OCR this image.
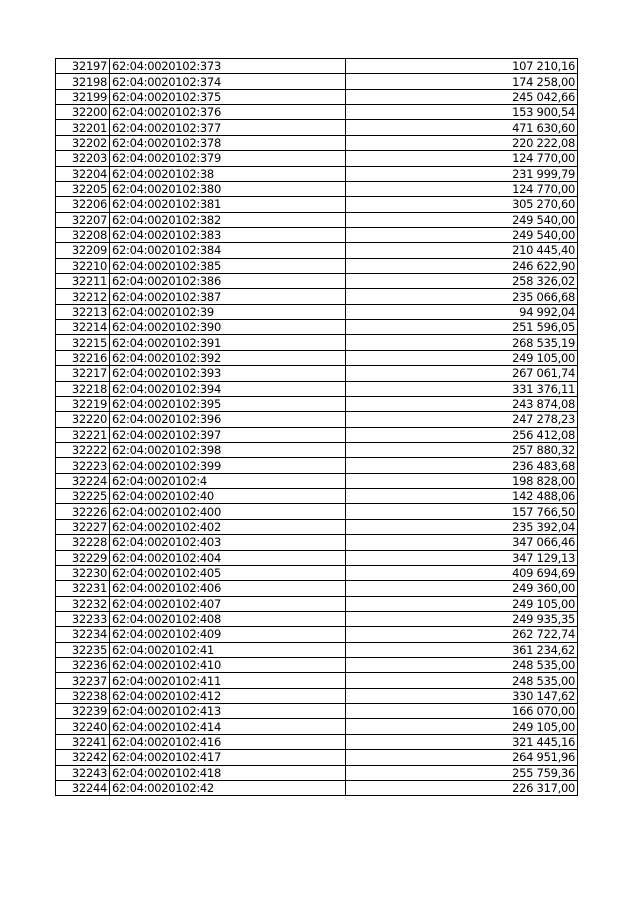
32197	62:04:0020102:373	107 210,16
32198	62:04:0020102:374	174 258,00
32199	62:04:0020102:375	245 042,66
32200	62:04:0020102:376	153 900,54
32201	62:04:0020102:377	471 630,60
32202	62:04:0020102:378	220 222,08
32203	62:04:0020102:379	124 770,00
32204	62:04:0020102:38	231 999,79
32205	62:04:0020102:380	124 770,00
32206	62:04:0020102:381	305 270,60
32207	62:04:0020102:382	249 540,00
32208	62:04:0020102:383	249 540,00
32209	62:04:0020102:384	210 445,40
32210	62:04:0020102:385	246 622,90
32211	62:04:0020102:386	258 326,02
32212	62:04:0020102:387	235 066,68
32213	62:04:0020102:39	94 992,04
32214	62:04:0020102:390	251 596,05
32215	62:04:0020102:391	268 535,19
32216	62:04:0020102:392	249 105,00
32217	62:04:0020102:393	267 061,74
32218	62:04:0020102:394	331 376,11
32219	62:04:0020102:395	243 874,08
32220	62:04:0020102:396	247 278,23
32221	62:04:0020102:397	256 412,08
32222	62:04:0020102:398	257 880,32
32223	62:04:0020102:399	236 483,68
32224	62:04:0020102:4	198 828,00
32225	62:04:0020102:40	142 488,06
32226	62:04:0020102:400	157 766,50
32227	62:04:0020102:402	235 392,04
32228	62:04:0020102:403	347 066,46
32229	62:04:0020102:404	347 129,13
32230	62:04:0020102:405	409 694,69
32231	62:04:0020102:406	249 360,00
32232	62:04:0020102:407	249 105,00
32233	62:04:0020102:408	249 935,35
32234	62:04:0020102:409	262 722,74
32235	62:04:0020102:41	361 234,62
32236	62:04:0020102:410	248 535,00
32237	62:04:0020102:411	248 535,00
32238	62:04:0020102:412	330 147,62
32239	62:04:0020102:413	166 070,00
32240	62:04:0020102:414	249 105,00
32241	62:04:0020102:416	321 445,16
32242	62:04:0020102:417	264 951,96
32243	62:04:0020102:418	255 759,36
32244	62:04:0020102:42	226 317,00
